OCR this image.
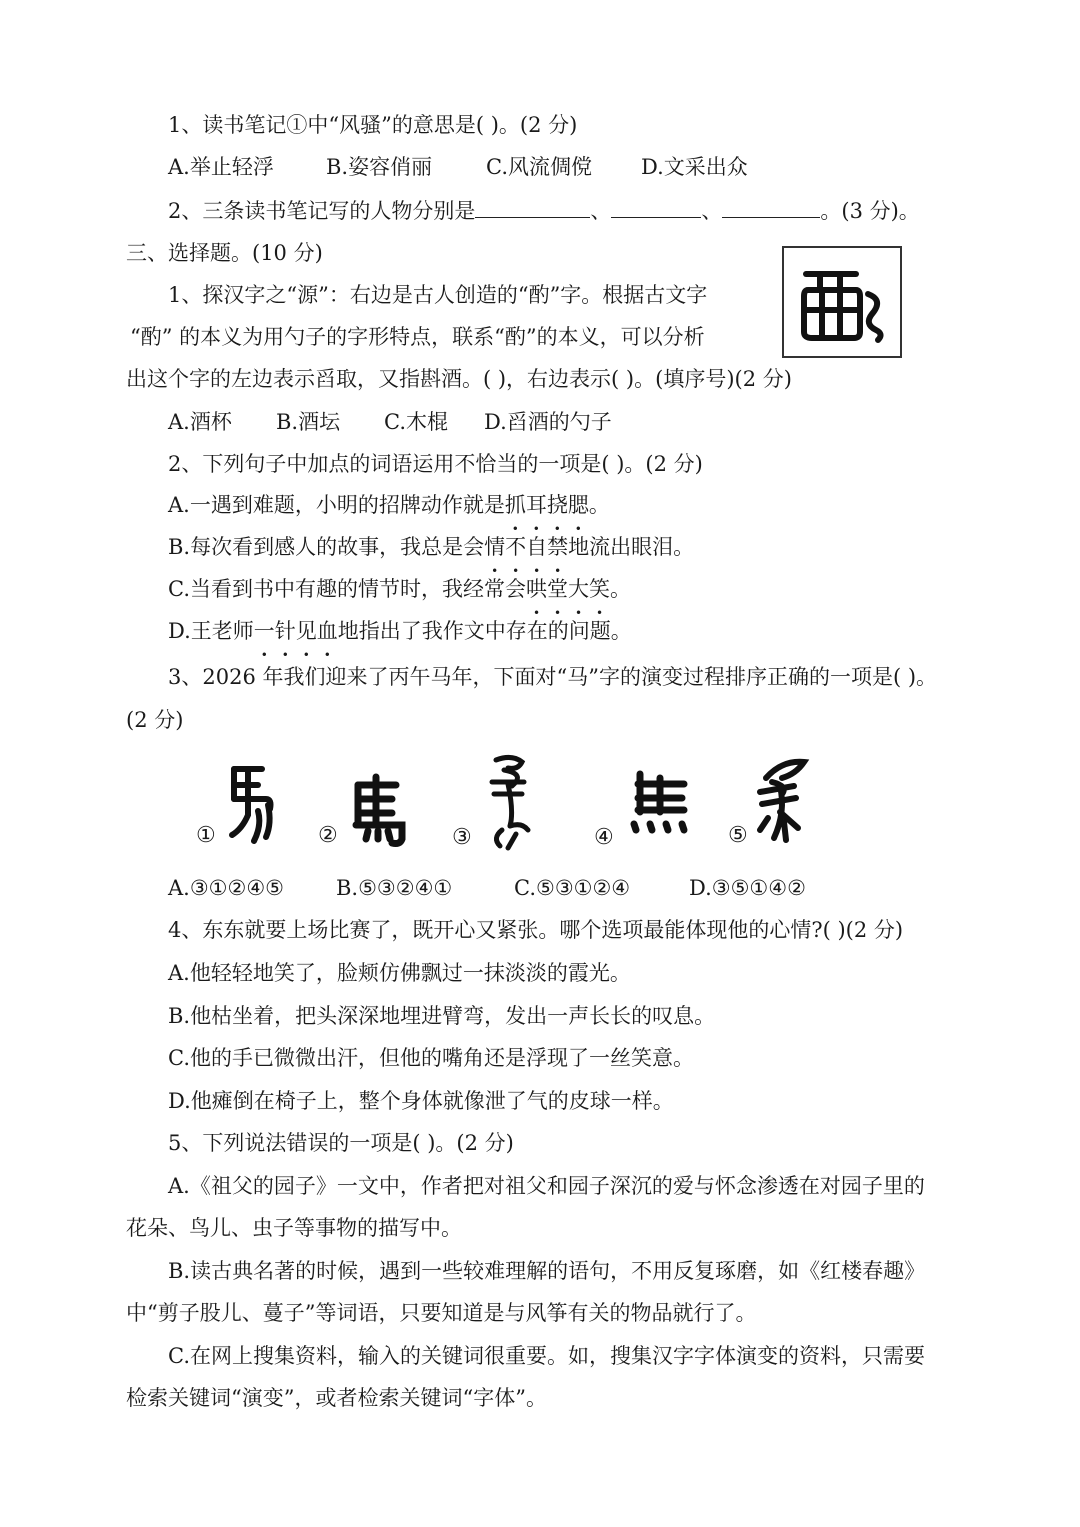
1、读书笔记①中“风骚”的意思是( )。(2 分)
A.举止轻浮 B.姿容俏丽	C.风流倜傥 D.文采出众
2、三条读书笔记写的人物分别是	、	、	。(3 分)。
三、选择题。(10 分)
1、探汉字之“源”：右边是古人创造的“酌”字。根据古文字
“酌” 的本义为用勺子的字形特点，联系“酌”的本义，可以分析
出这个字的左边表示舀取，又指斟酒。( )，右边表示( )。(填序号)(2 分)
A.酒杯 B.酒坛 C.木棍 D.舀酒的勺子
2、下列句子中加点的词语运用不恰当的一项是( )。(2 分)
A.一遇到难题，小明的招牌动作就是抓耳挠腮。
B.每次看到感人的故事，我总是会情不自禁地流出眼泪。
C.当看到书中有趣的情节时，我经常会哄堂大笑。
D.王老师一针见血地指出了我作文中存在的问题。
3、2026 年我们迎来了丙午马年，下面对“马”字的演变过程排序正确的一项是( )。
(2 分)
①	②	③	④	⑤
A.③①②④⑤ B.⑤③②④①	C.⑤③①②④	D.③⑤①④②
4、东东就要上场比赛了，既开心又紧张。哪个选项最能体现他的心情?( )(2 分)
A.他轻轻地笑了，脸颊仿佛飘过一抹淡淡的霞光。
B.他枯坐着，把头深深地埋进臂弯，发出一声长长的叹息。
C.他的手已微微出汗，但他的嘴角还是浮现了一丝笑意。
D.他瘫倒在椅子上，整个身体就像泄了气的皮球一样。
5、下列说法错误的一项是( )。(2 分)
A.《祖父的园子》一文中，作者把对祖父和园子深沉的爱与怀念渗透在对园子里的
花朵、鸟儿、虫子等事物的描写中。
B.读古典名著的时候，遇到一些较难理解的语句，不用反复琢磨，如《红楼春趣》
中“剪子股儿、蔓子”等词语，只要知道是与风筝有关的物品就行了。
C.在网上搜集资料，输入的关键词很重要。如，搜集汉字字体演变的资料，只需要
检索关键词“演变”，或者检索关键词“字体”。
